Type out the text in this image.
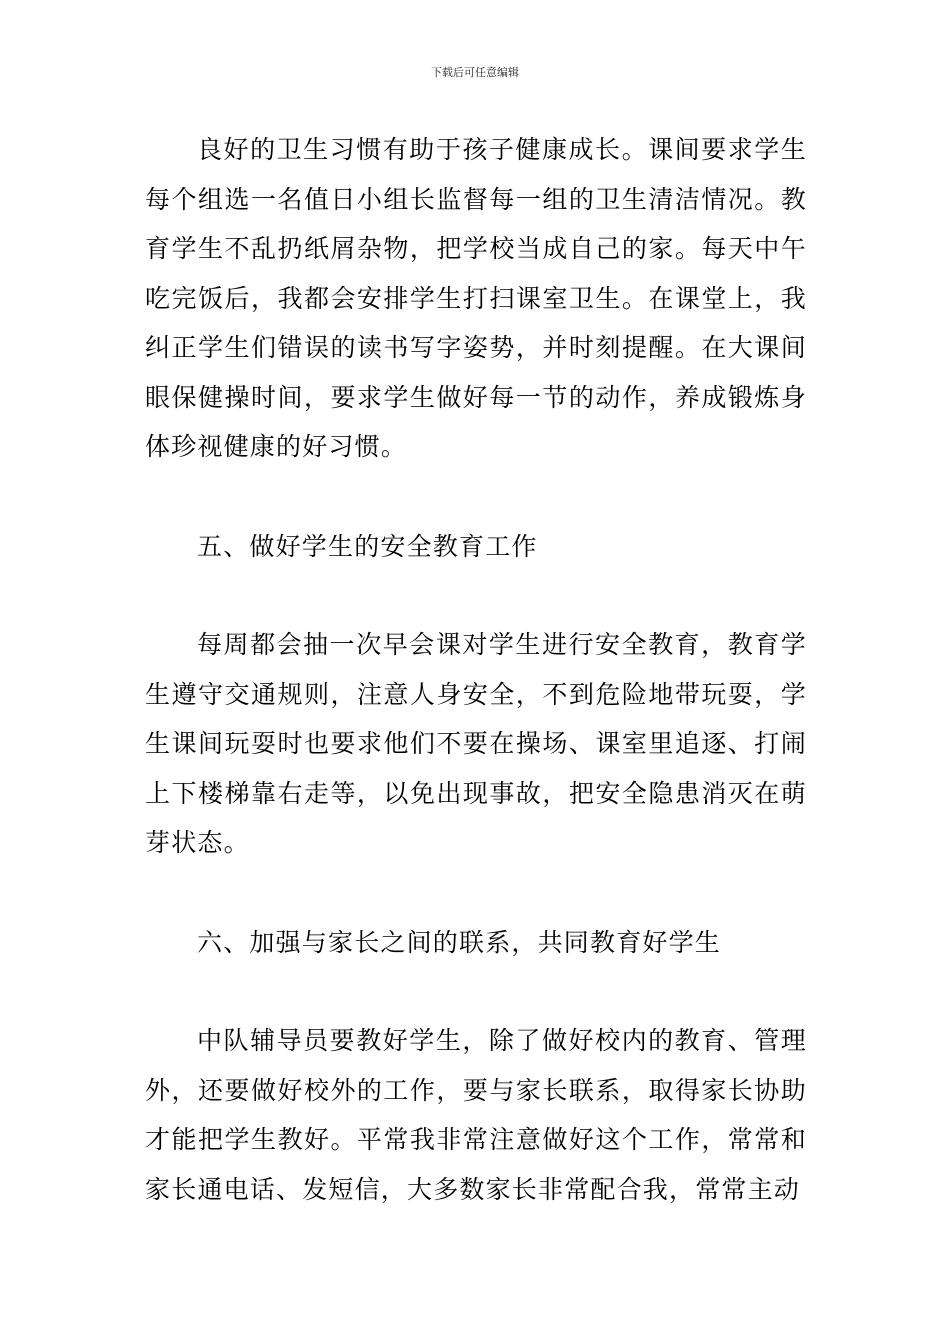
下载后可任意编辑

良好的卫生习惯有助于孩子健康成长。课间要求学生每个组选一名值日小组长监督每一组的卫生清洁情况。教育学生不乱扔纸屑杂物，把学校当成自己的家。每天中午吃完饭后，我都会安排学生打扫课室卫生。在课堂上，我纠正学生们错误的读书写字姿势，并时刻提醒。在大课间眼保健操时间，要求学生做好每一节的动作，养成锻炼身体珍视健康的好习惯。

五、做好学生的安全教育工作

每周都会抽一次早会课对学生进行安全教育，教育学生遵守交通规则，注意人身安全，不到危险地带玩耍，学生课间玩耍时也要求他们不要在操场、课室里追逐、打闹上下楼梯靠右走等，以免出现事故，把安全隐患消灭在萌芽状态。

六、加强与家长之间的联系，共同教育好学生

中队辅导员要教好学生，除了做好校内的教育、管理外，还要做好校外的工作，要与家长联系，取得家长协助才能把学生教好。平常我非常注意做好这个工作，常常和家长通电话、发短信，大多数家长非常配合我，常常主动
